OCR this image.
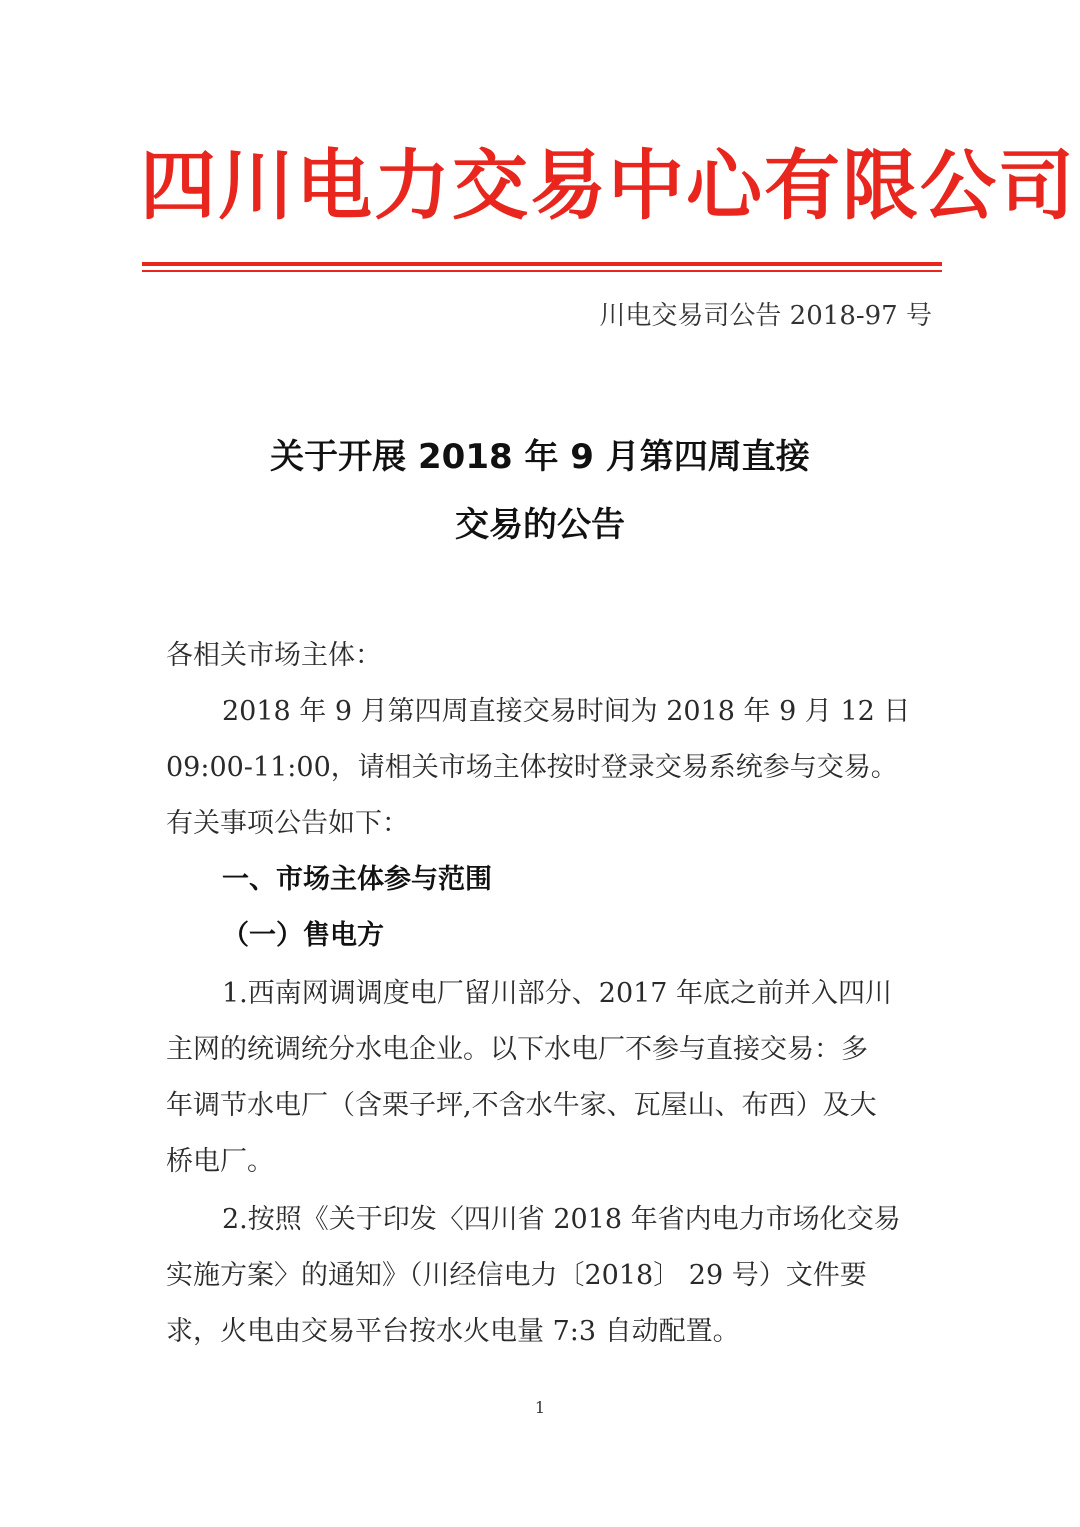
四川电力交易中心有限公司
川电交易司公告 2018-97 号
关于开展 2018 年 9 月第四周直接
交易的公告
各相关市场主体：
2018 年 9 月第四周直接交易时间为 2018 年 9 月 12 日
09:00-11:00，请相关市场主体按时登录交易系统参与交易。
有关事项公告如下：
一、市场主体参与范围
（一）售电方
1.西南网调调度电厂留川部分、2017 年底之前并入四川
主网的统调统分水电企业。以下水电厂不参与直接交易：多
年调节水电厂（含栗子坪,不含水牛家、瓦屋山、布西）及大
桥电厂。
2.按照《关于印发〈四川省 2018 年省内电力市场化交易
实施方案〉的通知》（川经信电力〔2018〕 29 号）文件要
求，火电由交易平台按水火电量 7:3 自动配置。
1
